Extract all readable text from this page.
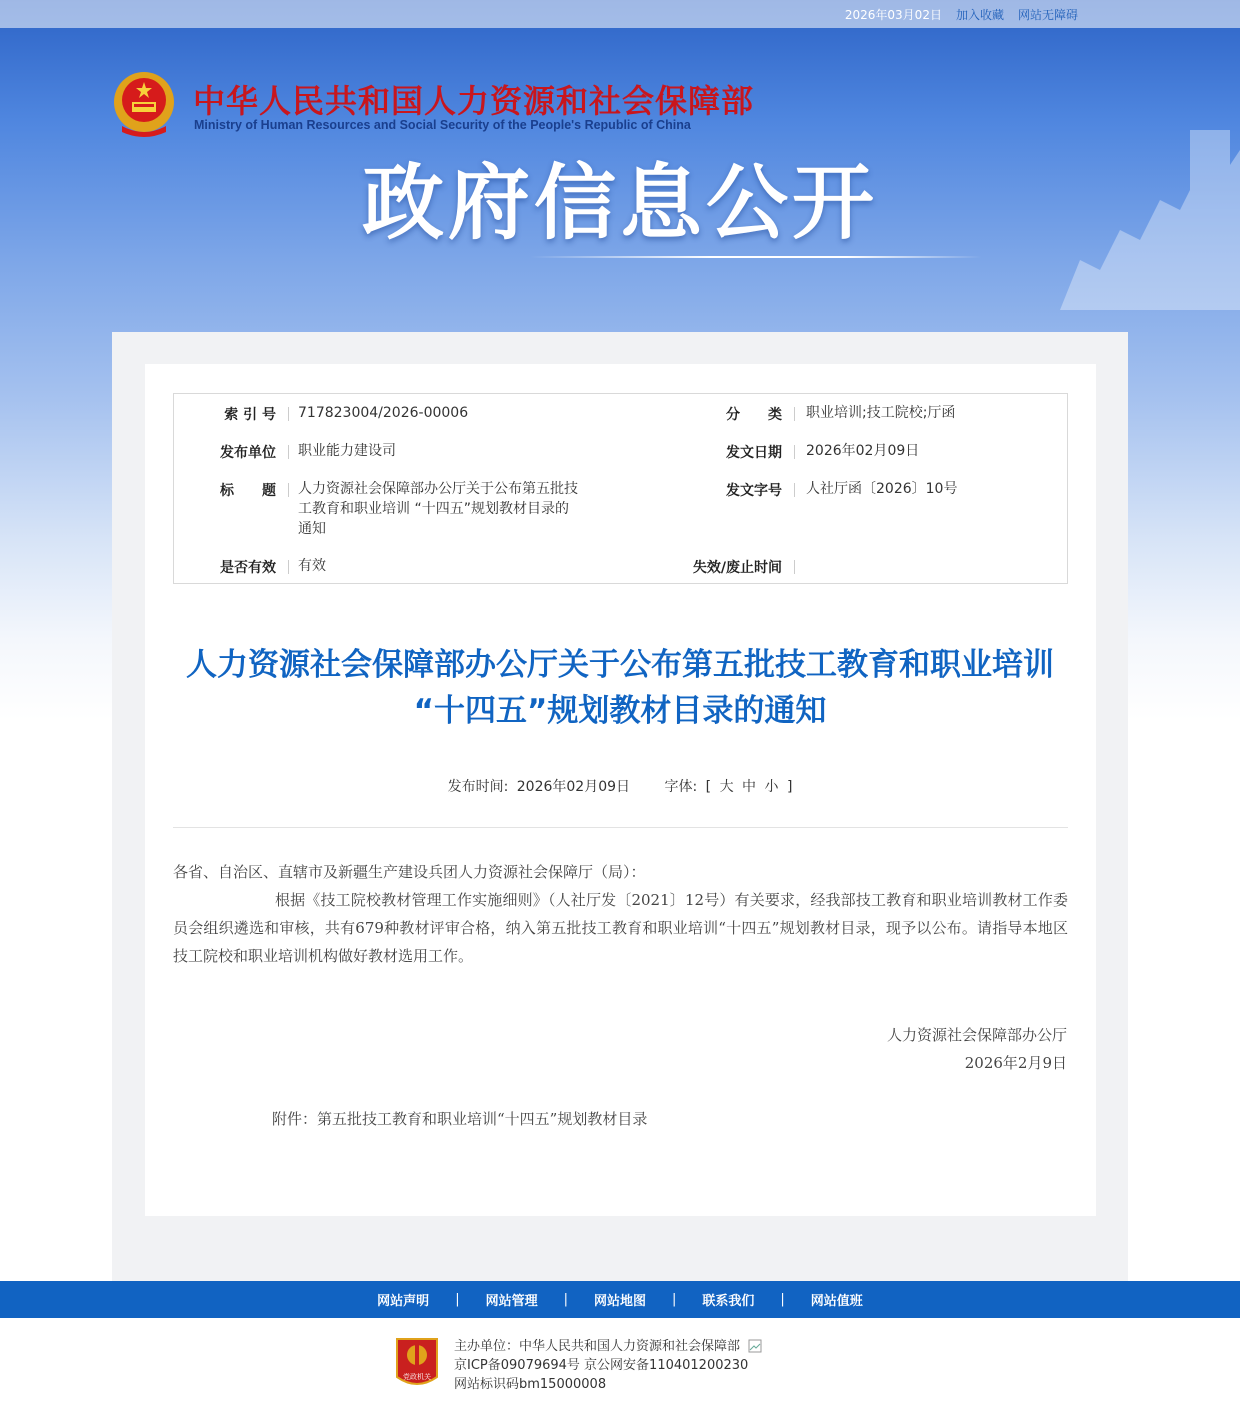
2026年03月02日 加入收藏 网站无障碍
中华人民共和国人力资源和社会保障部
Ministry of Human Resources and Social Security of the People's Republic of China
政府信息公开
索 引 号 717823004/2026-00006	分　　类 职业培训;技工院校;厅函
发布单位 职业能力建设司	发文日期 2026年02月09日
标　　题 人力资源社会保障部办公厅关于公布第五批技工教育和职业培训 “十四五”规划教材目录的通知
发文字号 人社厅函〔2026〕10号
是否有效 有效	失效/废止时间
人力资源社会保障部办公厅关于公布第五批技工教育和职业培训 “十四五”规划教材目录的通知
发布时间: 2026年02月09日 字体: [ 大 中 小 ]

各省、自治区、直辖市及新疆生产建设兵团人力资源社会保障厅（局）：

根据《技工院校教材管理工作实施细则》（人社厅发〔2021〕12号）有关要求，经我部技工教育和职业培训教材工作委员会组织遴选和审核，共有679种教材评审合格，纳入第五批技工教育和职业培训“十四五”规划教材目录，现予以公布。请指导本地区技工院校和职业培训机构做好教材选用工作。

人力资源社会保障部办公厅
2026年2月9日
附件：第五批技工教育和职业培训“十四五”规划教材目录
网站声明	|	网站管理	|	网站地图	|	联系我们	|	网站值班
党政机关
主办单位：中华人民共和国人力资源和社会保障部
京ICP备09079694号 京公网安备110401200230
网站标识码bm15000008
